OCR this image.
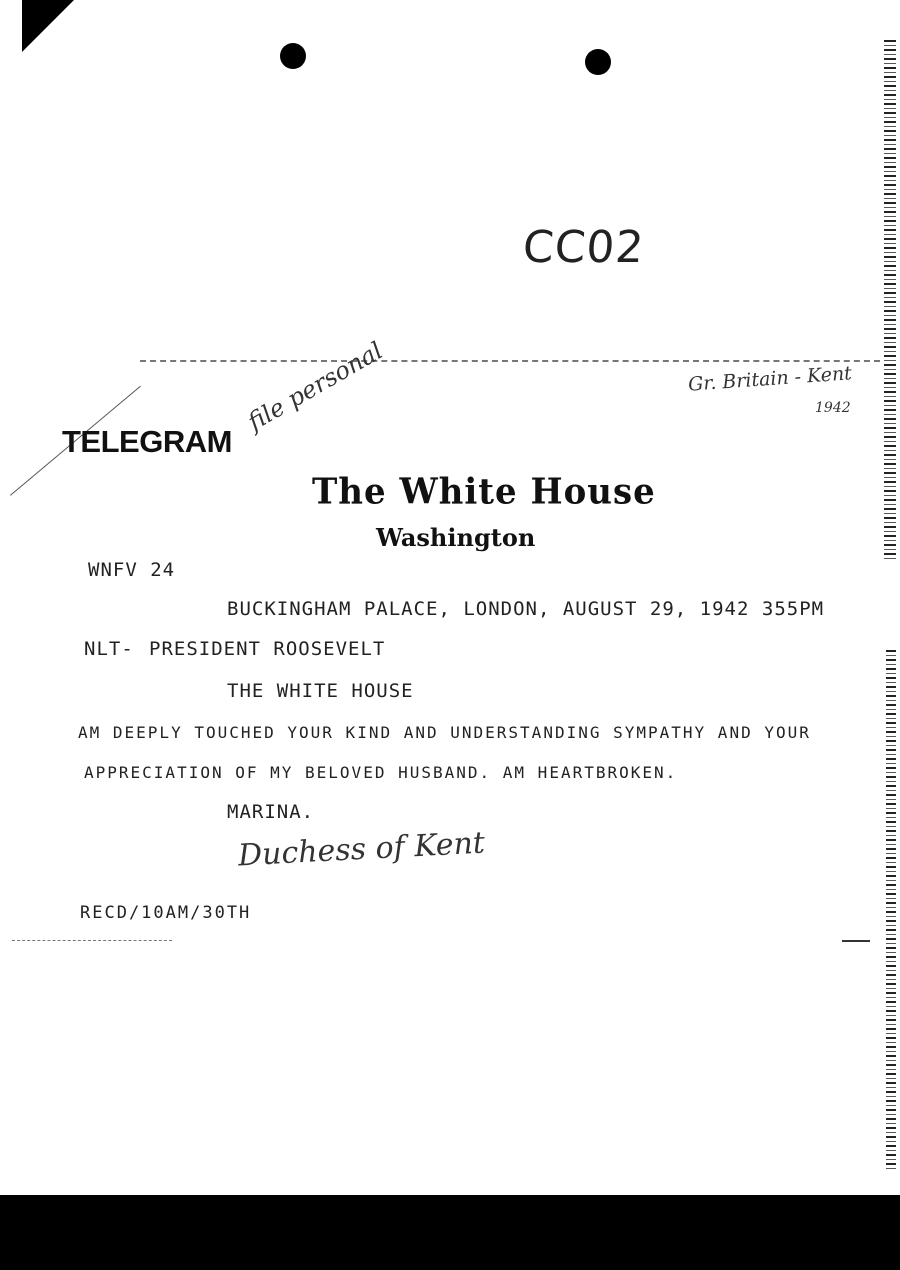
CC02
Gr. Britain - Kent
1942
file personal
TELEGRAM
The White House
Washington
WNFV 24
BUCKINGHAM PALACE, LONDON, AUGUST 29, 1942 355PM
NLT- PRESIDENT ROOSEVELT
THE WHITE HOUSE
AM DEEPLY TOUCHED YOUR KIND AND UNDERSTANDING SYMPATHY AND YOUR
APPRECIATION OF MY BELOVED HUSBAND. AM HEARTBROKEN.
MARINA.
Duchess of Kent
RECD/10AM/30TH
